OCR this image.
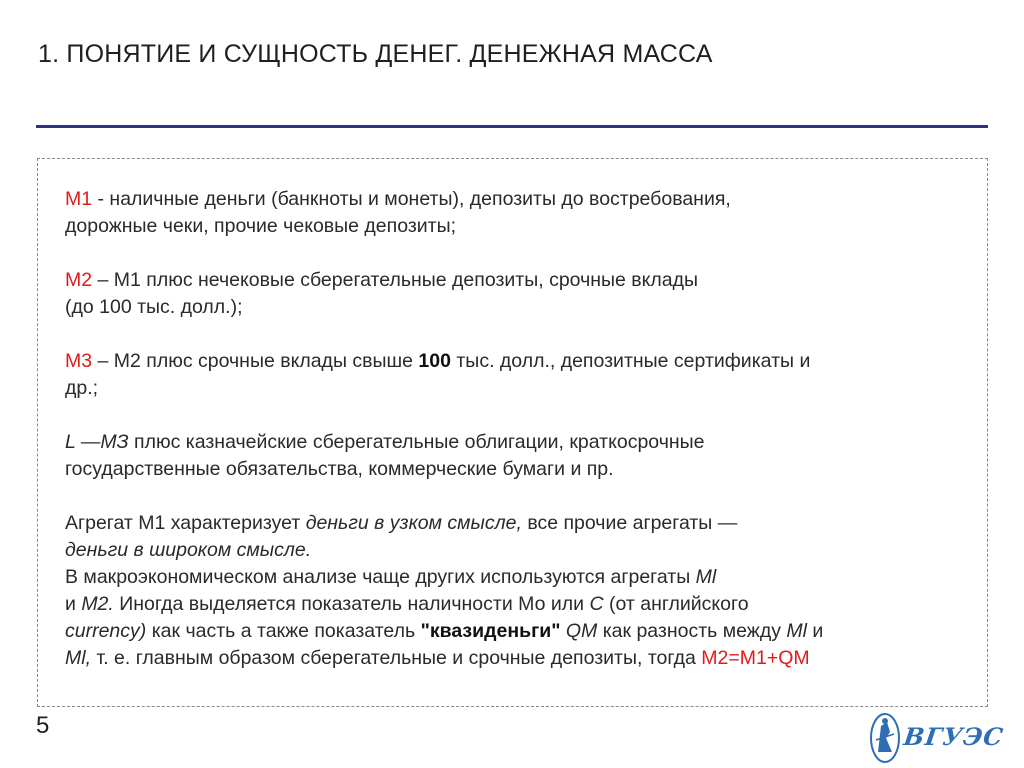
1. ПОНЯТИЕ И СУЩНОСТЬ ДЕНЕГ. ДЕНЕЖНАЯ МАССА
М1 - наличные деньги (банкноты и монеты), депозиты до востребования,
дорожные чеки, прочие чековые депозиты;
М2 – М1 плюс нечековые сберегательные депозиты, срочные вклады
(до 100 тыс. долл.);
М3 – М2 плюс срочные вклады свыше 100 тыс. долл., депозитные сертификаты и
др.;
L —МЗ плюс казначейские сберегательные облигации, краткосрочные
государственные обязательства, коммерческие бумаги и пр.
Агрегат М1 характеризует деньги в узком смысле, все прочие агрегаты —
деньги в широком смысле.
В макроэкономическом анализе чаще других используются агрегаты Ml
и М2. Иногда выделяется показатель наличности Мо или С (от английского
currency) как часть а также показатель "квазиденьги" QM как разность между Ml и
Ml, т. е. главным образом сберегательные и срочные депозиты, тогда М2=М1+QM
5	ВГУЭС
